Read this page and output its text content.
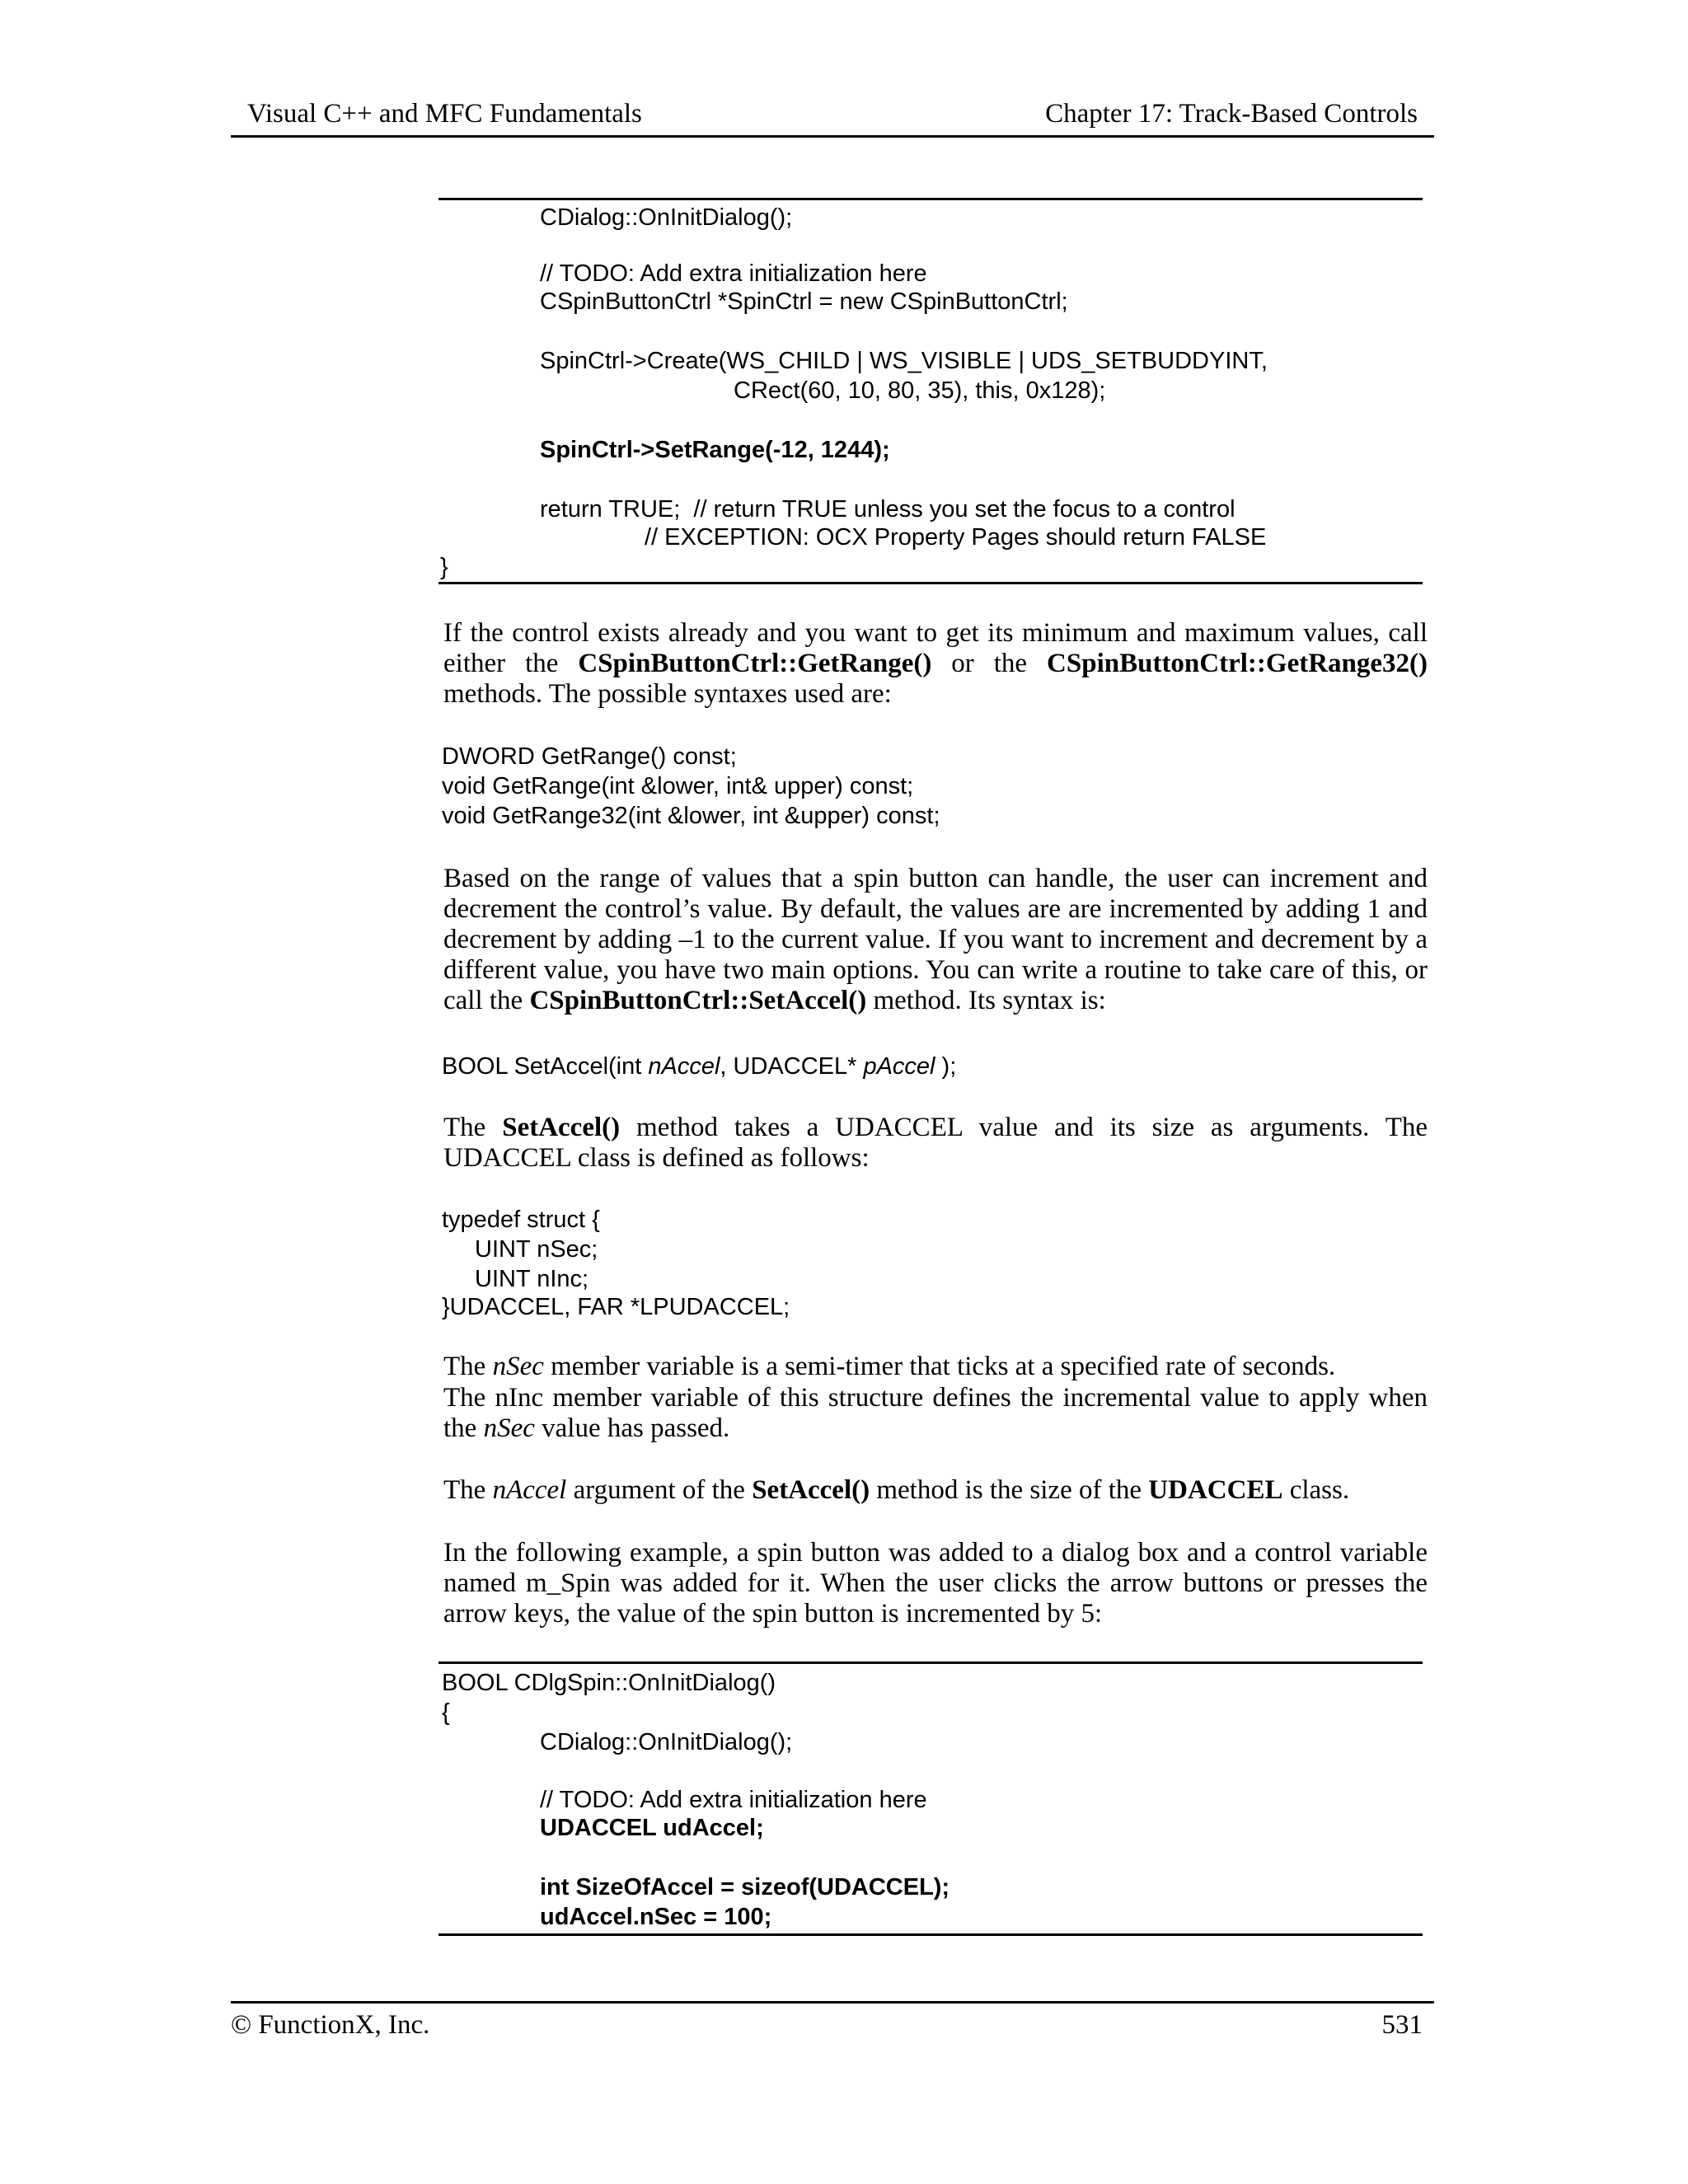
Visual C++ and MFC Fundamentals	Chapter 17: Track-Based Controls
CDialog::OnInitDialog();
// TODO: Add extra initialization here
CSpinButtonCtrl *SpinCtrl = new CSpinButtonCtrl;
SpinCtrl->Create(WS_CHILD | WS_VISIBLE | UDS_SETBUDDYINT,
CRect(60, 10, 80, 35), this, 0x128);
SpinCtrl->SetRange(-12, 1244);
return TRUE;  // return TRUE unless you set the focus to a control
// EXCEPTION: OCX Property Pages should return FALSE
}
If the control exists already and you want to get its minimum and maximum values, call either the CSpinButtonCtrl::GetRange() or the CSpinButtonCtrl::GetRange32() methods. The possible syntaxes used are:
DWORD GetRange() const;
void GetRange(int &lower, int& upper) const;
void GetRange32(int &lower, int &upper) const;
Based on the range of values that a spin button can handle, the user can increment and decrement the control’s value. By default, the values are are incremented by adding 1 and decrement by adding –1 to the current value. If you want to increment and decrement by a different value, you have two main options. You can write a routine to take care of this, or call the CSpinButtonCtrl::SetAccel() method. Its syntax is:
BOOL SetAccel(int nAccel, UDACCEL* pAccel );
The SetAccel() method takes a UDACCEL value and its size as arguments. The UDACCEL class is defined as follows:
typedef struct {
UINT nSec;
UINT nInc;
}UDACCEL, FAR *LPUDACCEL;
The nSec member variable is a semi-timer that ticks at a specified rate of seconds.
The nInc member variable of this structure defines the incremental value to apply when the nSec value has passed.
The nAccel argument of the SetAccel() method is the size of the UDACCEL class.
In the following example, a spin button was added to a dialog box and a control variable named m_Spin was added for it. When the user clicks the arrow buttons or presses the arrow keys, the value of the spin button is incremented by 5:
BOOL CDlgSpin::OnInitDialog()
{
CDialog::OnInitDialog();
// TODO: Add extra initialization here
UDACCEL udAccel;
int SizeOfAccel = sizeof(UDACCEL);
udAccel.nSec = 100;
© FunctionX, Inc.	531
